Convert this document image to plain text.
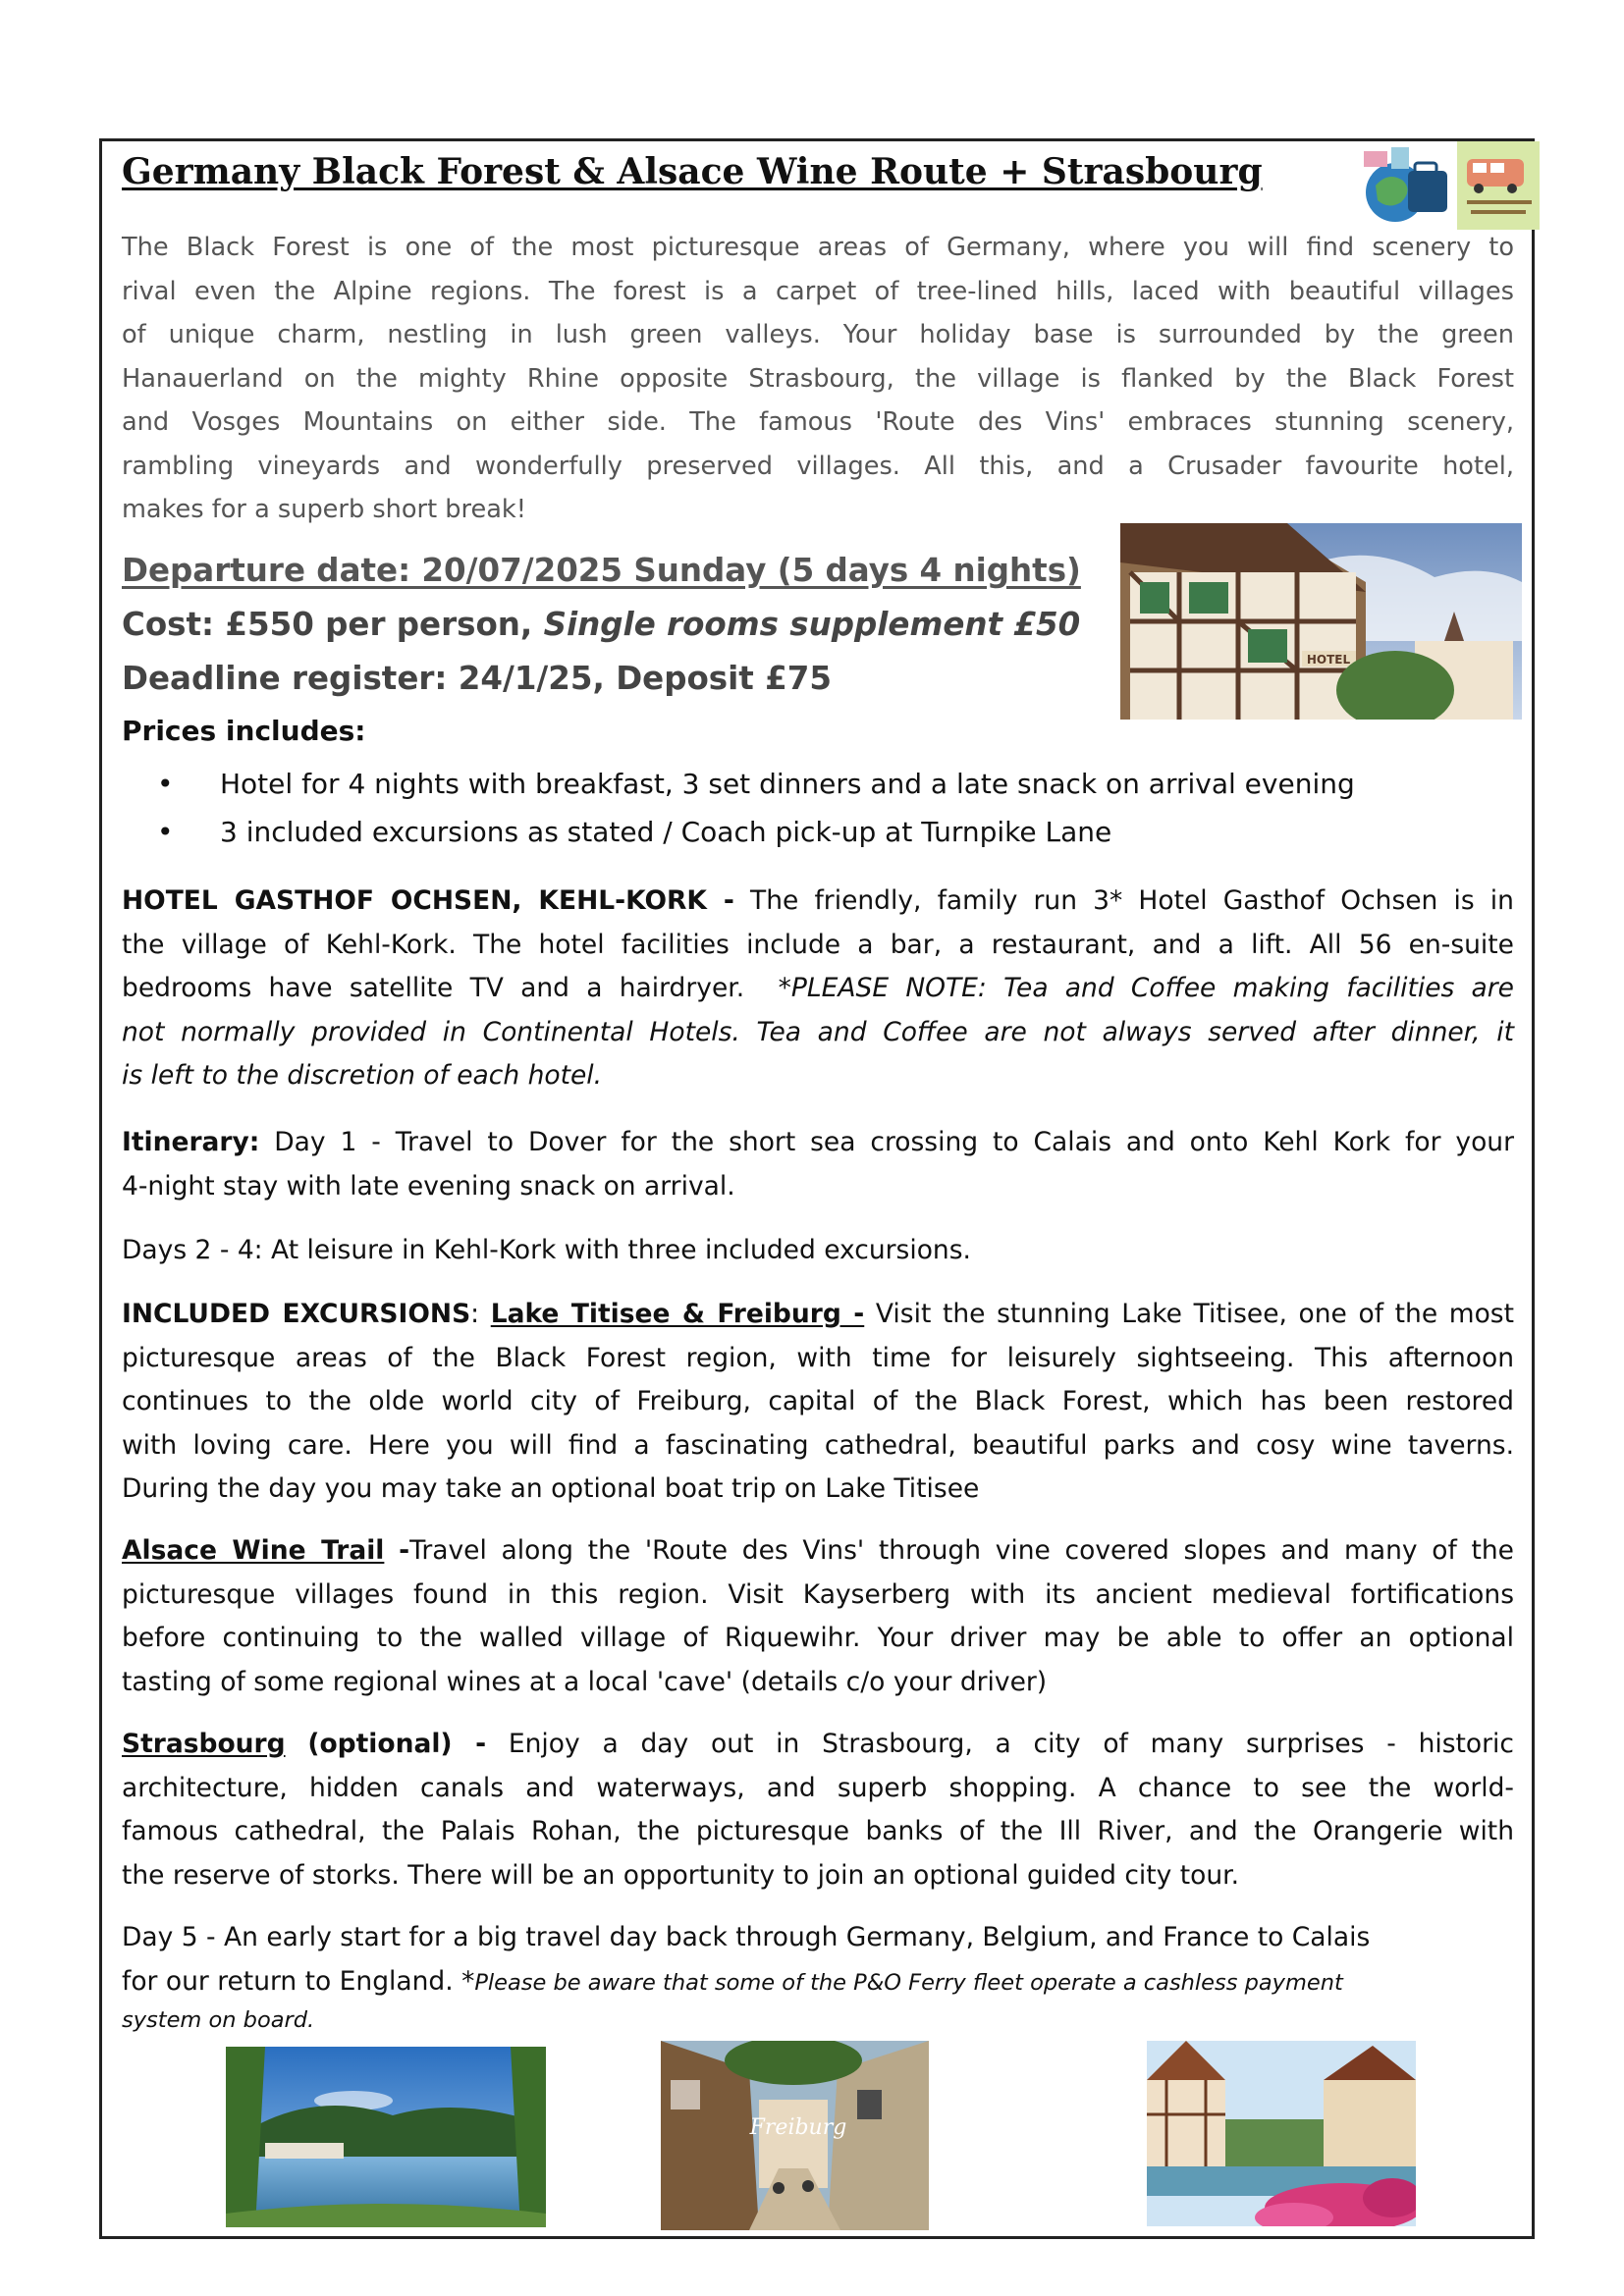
Germany Black Forest & Alsace Wine Route + Strasbourg
The Black Forest is one of the most picturesque areas of Germany, where you will find scenery to
rival even the Alpine regions. The forest is a carpet of tree-lined hills, laced with beautiful villages
of unique charm, nestling in lush green valleys. Your holiday base is surrounded by the green
Hanauerland on the mighty Rhine opposite Strasbourg, the village is flanked by the Black Forest
and Vosges Mountains on either side. The famous 'Route des Vins' embraces stunning scenery,
rambling vineyards and wonderfully preserved villages. All this, and a Crusader favourite hotel,
makes for a superb short break!
HOTEL
Departure date: 20/07/2025 Sunday (5 days 4 nights)
Cost: £550 per person, Single rooms supplement £50
Deadline register: 24/1/25, Deposit £75
Prices includes:
• Hotel for 4 nights with breakfast, 3 set dinners and a late snack on arrival evening
• 3 included excursions as stated / Coach pick-up at Turnpike Lane
HOTEL GASTHOF OCHSEN, KEHL-KORK - The friendly, family run 3* Hotel Gasthof Ochsen is in
the village of Kehl-Kork. The hotel facilities include a bar, a restaurant, and a lift. All 56 en-suite
bedrooms have satellite TV and a hairdryer. *PLEASE NOTE: Tea and Coffee making facilities are
not normally provided in Continental Hotels. Tea and Coffee are not always served after dinner, it
is left to the discretion of each hotel.
Itinerary: Day 1 - Travel to Dover for the short sea crossing to Calais and onto Kehl Kork for your
4-night stay with late evening snack on arrival.
Days 2 - 4: At leisure in Kehl-Kork with three included excursions.
INCLUDED EXCURSIONS: Lake Titisee & Freiburg - Visit the stunning Lake Titisee, one of the most
picturesque areas of the Black Forest region, with time for leisurely sightseeing. This afternoon
continues to the olde world city of Freiburg, capital of the Black Forest, which has been restored
with loving care. Here you will find a fascinating cathedral, beautiful parks and cosy wine taverns.
During the day you may take an optional boat trip on Lake Titisee
Alsace Wine Trail -Travel along the 'Route des Vins' through vine covered slopes and many of the
picturesque villages found in this region. Visit Kayserberg with its ancient medieval fortifications
before continuing to the walled village of Riquewihr. Your driver may be able to offer an optional
tasting of some regional wines at a local 'cave' (details c/o your driver)
Strasbourg (optional) - Enjoy a day out in Strasbourg, a city of many surprises - historic
architecture, hidden canals and waterways, and superb shopping. A chance to see the world-
famous cathedral, the Palais Rohan, the picturesque banks of the Ill River, and the Orangerie with
the reserve of storks. There will be an opportunity to join an optional guided city tour.
Day 5 - An early start for a big travel day back through Germany, Belgium, and France to Calais
for our return to England. *Please be aware that some of the P&O Ferry fleet operate a cashless payment
system on board.
Freiburg
